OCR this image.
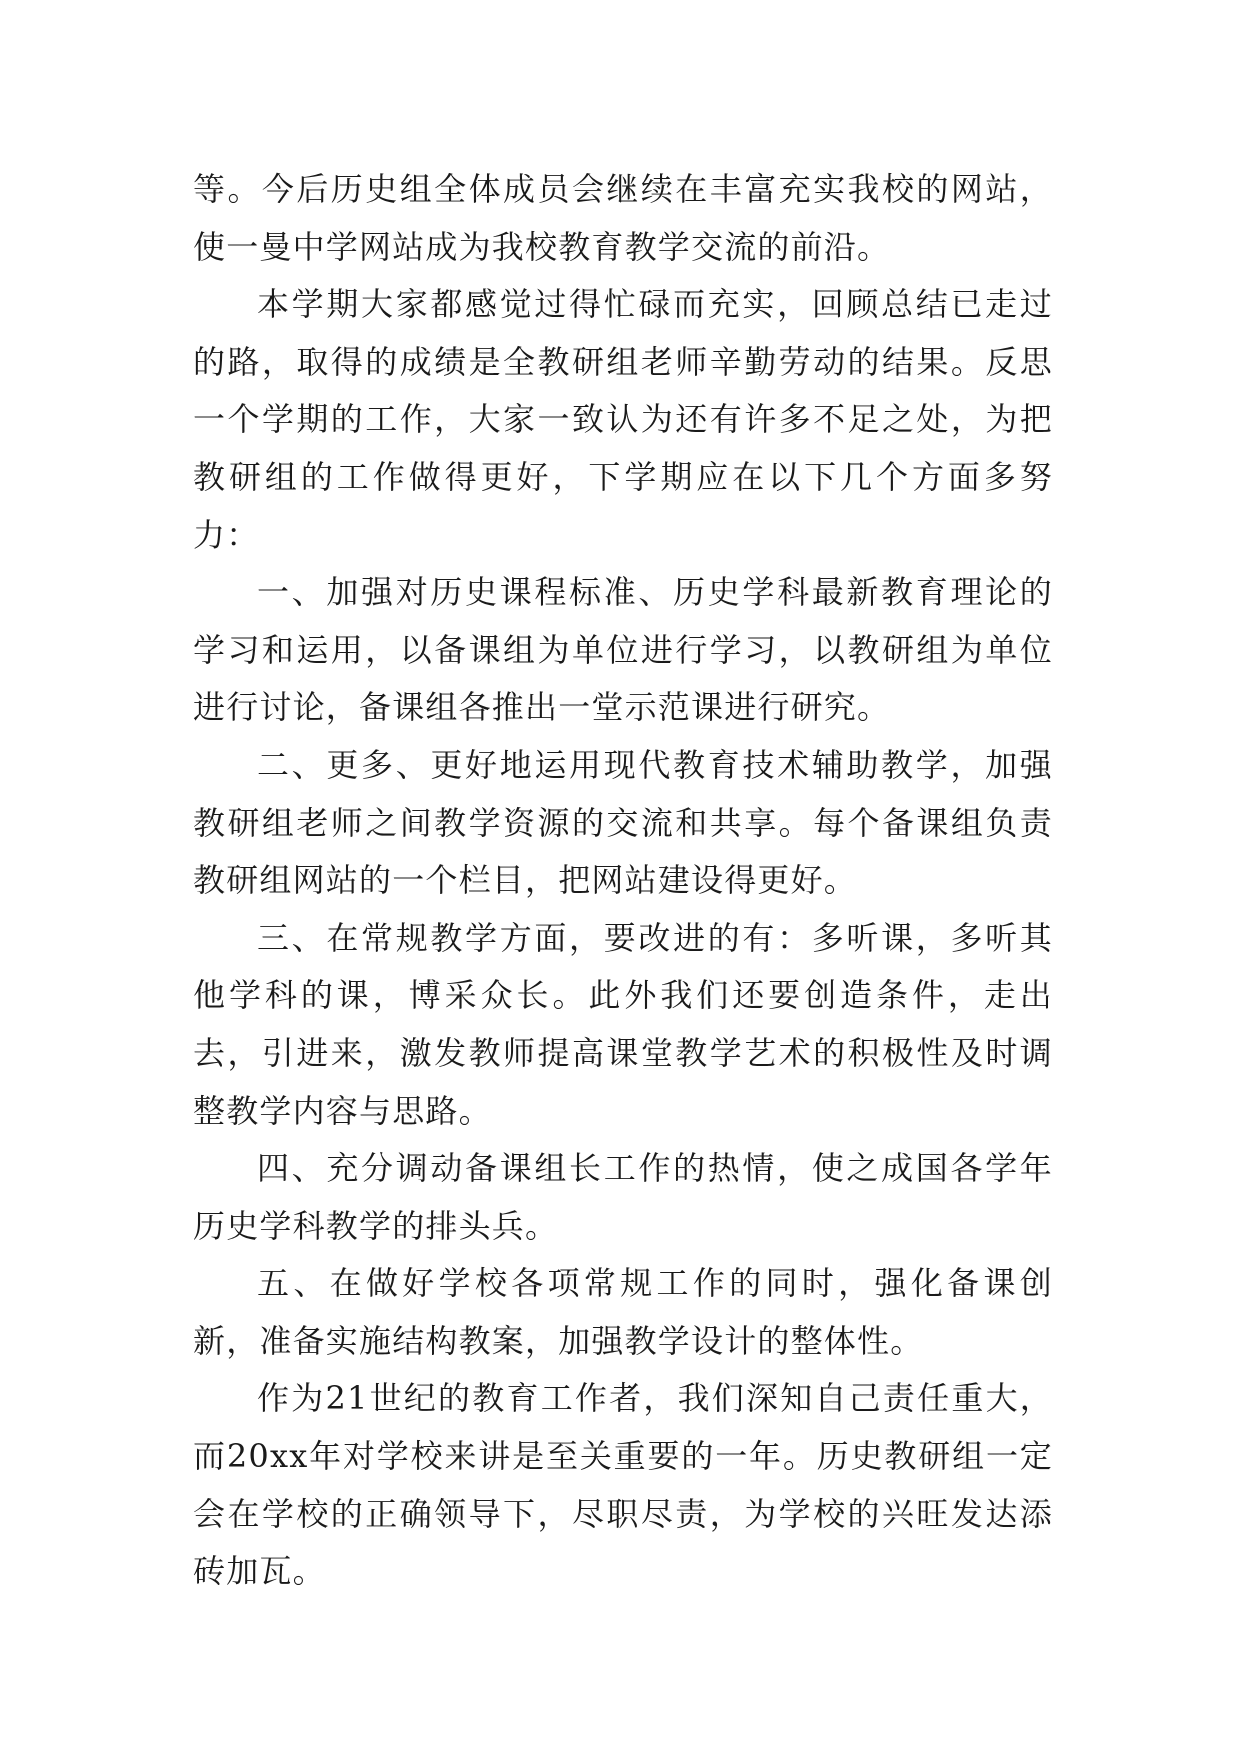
等。今后历史组全体成员会继续在丰富充实我校的网站，使一曼中学网站成为我校教育教学交流的前沿。

本学期大家都感觉过得忙碌而充实，回顾总结已走过的路，取得的成绩是全教研组老师辛勤劳动的结果。反思一个学期的工作，大家一致认为还有许多不足之处，为把教研组的工作做得更好，下学期应在以下几个方面多努力：

一、加强对历史课程标准、历史学科最新教育理论的学习和运用，以备课组为单位进行学习，以教研组为单位进行讨论，备课组各推出一堂示范课进行研究。

二、更多、更好地运用现代教育技术辅助教学，加强教研组老师之间教学资源的交流和共享。每个备课组负责教研组网站的一个栏目，把网站建设得更好。

三、在常规教学方面，要改进的有：多听课，多听其他学科的课，博采众长。此外我们还要创造条件，走出去，引进来，激发教师提高课堂教学艺术的积极性及时调整教学内容与思路。

四、充分调动备课组长工作的热情，使之成国各学年历史学科教学的排头兵。

五、在做好学校各项常规工作的同时，强化备课创新，准备实施结构教案，加强教学设计的整体性。

作为21世纪的教育工作者，我们深知自己责任重大，而20xx年对学校来讲是至关重要的一年。历史教研组一定会在学校的正确领导下，尽职尽责，为学校的兴旺发达添砖加瓦。
